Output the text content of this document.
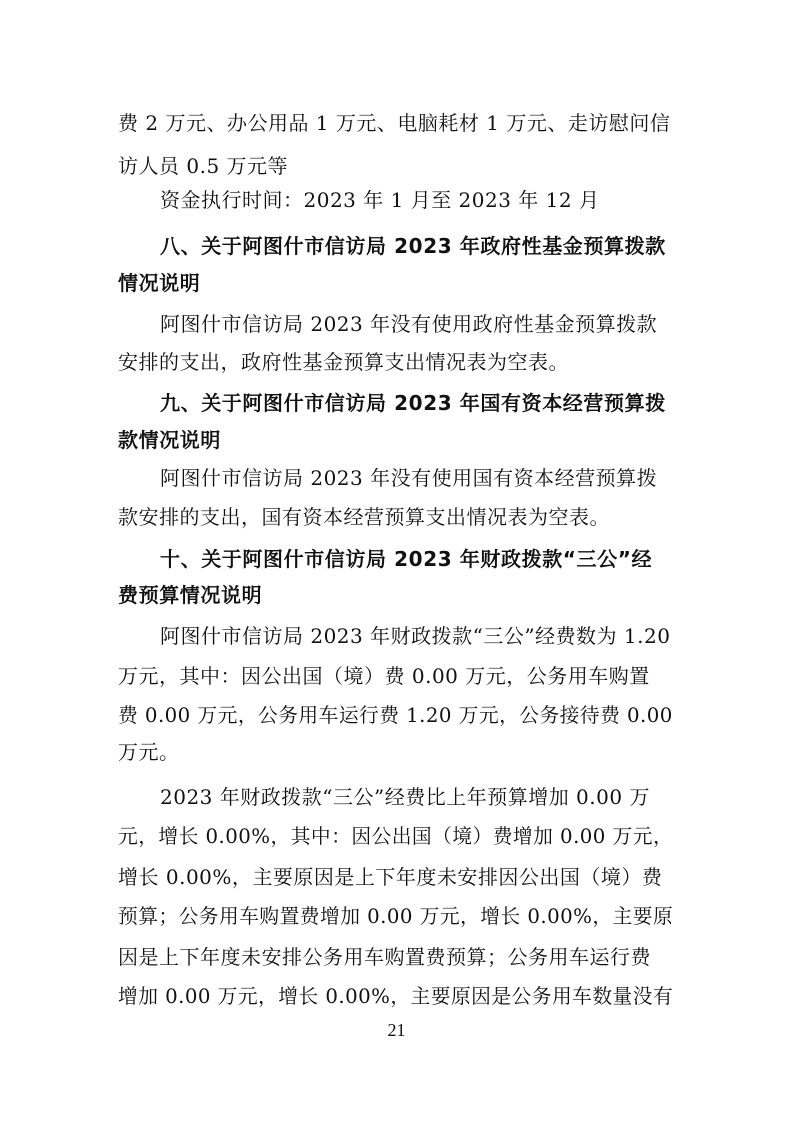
费 2 万元、办公用品 1 万元、电脑耗材 1 万元、走访慰问信
访人员 0.5 万元等
资金执行时间：2023 年 1 月至 2023 年 12 月
八、关于阿图什市信访局 2023 年政府性基金预算拨款
情况说明
阿图什市信访局 2023 年没有使用政府性基金预算拨款
安排的支出，政府性基金预算支出情况表为空表。
九、关于阿图什市信访局 2023 年国有资本经营预算拨
款情况说明
阿图什市信访局 2023 年没有使用国有资本经营预算拨
款安排的支出，国有资本经营预算支出情况表为空表。
十、关于阿图什市信访局 2023 年财政拨款“三公”经
费预算情况说明
阿图什市信访局 2023 年财政拨款“三公”经费数为 1.20
万元，其中：因公出国（境）费 0.00 万元，公务用车购置
费 0.00 万元，公务用车运行费 1.20 万元，公务接待费 0.00
万元。
2023 年财政拨款“三公”经费比上年预算增加 0.00 万
元，增长 0.00%，其中：因公出国（境）费增加 0.00 万元，
增长 0.00%，主要原因是上下年度未安排因公出国（境）费
预算；公务用车购置费增加 0.00 万元，增长 0.00%，主要原
因是上下年度未安排公务用车购置费预算；公务用车运行费
增加 0.00 万元，增长 0.00%，主要原因是公务用车数量没有
21
